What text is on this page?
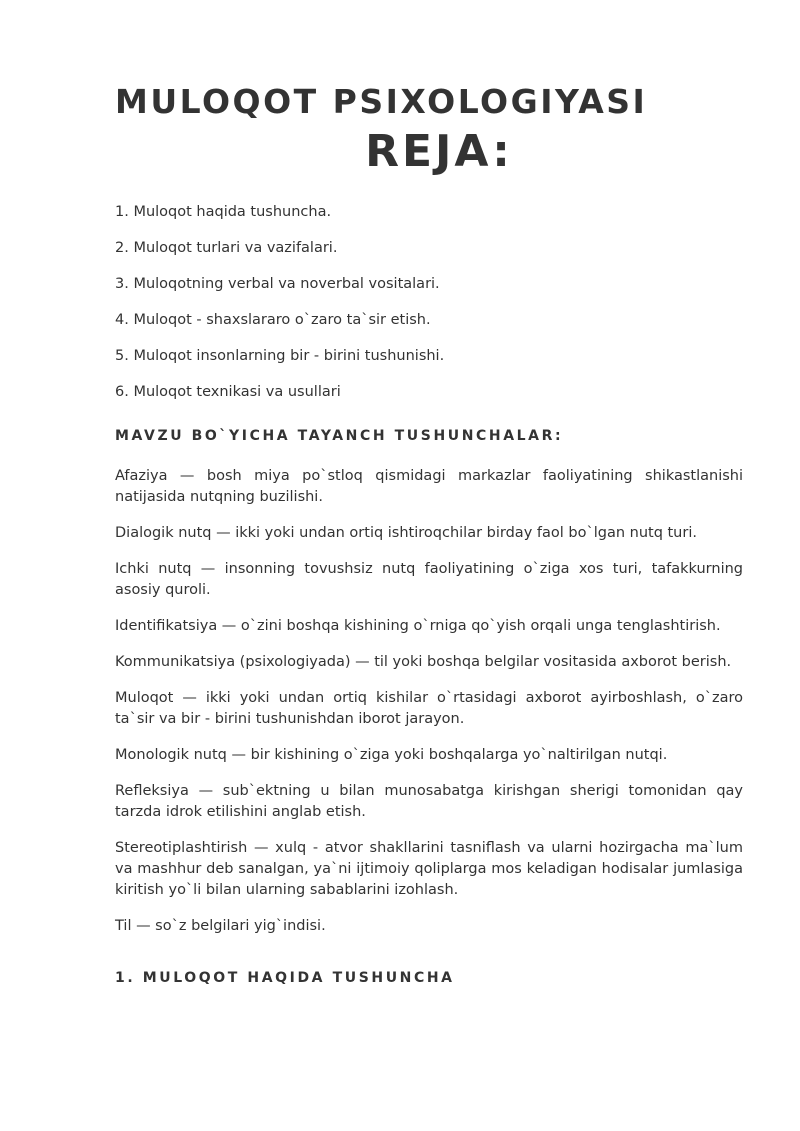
MULOQOT PSIXOLOGIYASI
REJA:
1. Muloqot haqida tushuncha.
2. Muloqot turlari va vazifalari.
3. Muloqotning verbal va noverbal vositalari.
4. Muloqot - shaxslararo o`zaro ta`sir etish.
5. Muloqot insonlarning bir - birini tushunishi.
6. Muloqot texnikasi va usullari
MAVZU BO`YICHA TAYANCH TUSHUNCHALAR:

Afaziya — bosh miya po`stloq qismidagi markazlar faoliyatining shikastlanishi natijasida nutqning buzilishi.

Dialogik nutq — ikki yoki undan ortiq ishtiroqchilar birday faol bo`lgan nutq turi.

Ichki nutq — insonning tovushsiz nutq faoliyatining o`ziga xos turi, tafakkurning asosiy quroli.

Identifikatsiya — o`zini boshqa kishining o`rniga qo`yish orqali unga tenglashtirish.

Kommunikatsiya (psixologiyada) — til yoki boshqa belgilar vositasida axborot berish.

Muloqot — ikki yoki undan ortiq kishilar o`rtasidagi axborot ayirboshlash, o`zaro ta`sir va bir - birini tushunishdan iborot jarayon.

Monologik nutq — bir kishining o`ziga yoki boshqalarga yo`naltirilgan nutqi.

Refleksiya — sub`ektning u bilan munosabatga kirishgan sherigi tomonidan qay tarzda idrok etilishini anglab etish.

Stereotiplashtirish — xulq - atvor shakllarini tasniflash va ularni hozirgacha ma`lum va mashhur deb sanalgan, ya`ni ijtimoiy qoliplarga mos keladigan hodisalar jumlasiga kiritish yo`li bilan ularning sabablarini izohlash.

Til — so`z belgilari yig`indisi.

1. MULOQOT HAQIDA TUSHUNCHA
